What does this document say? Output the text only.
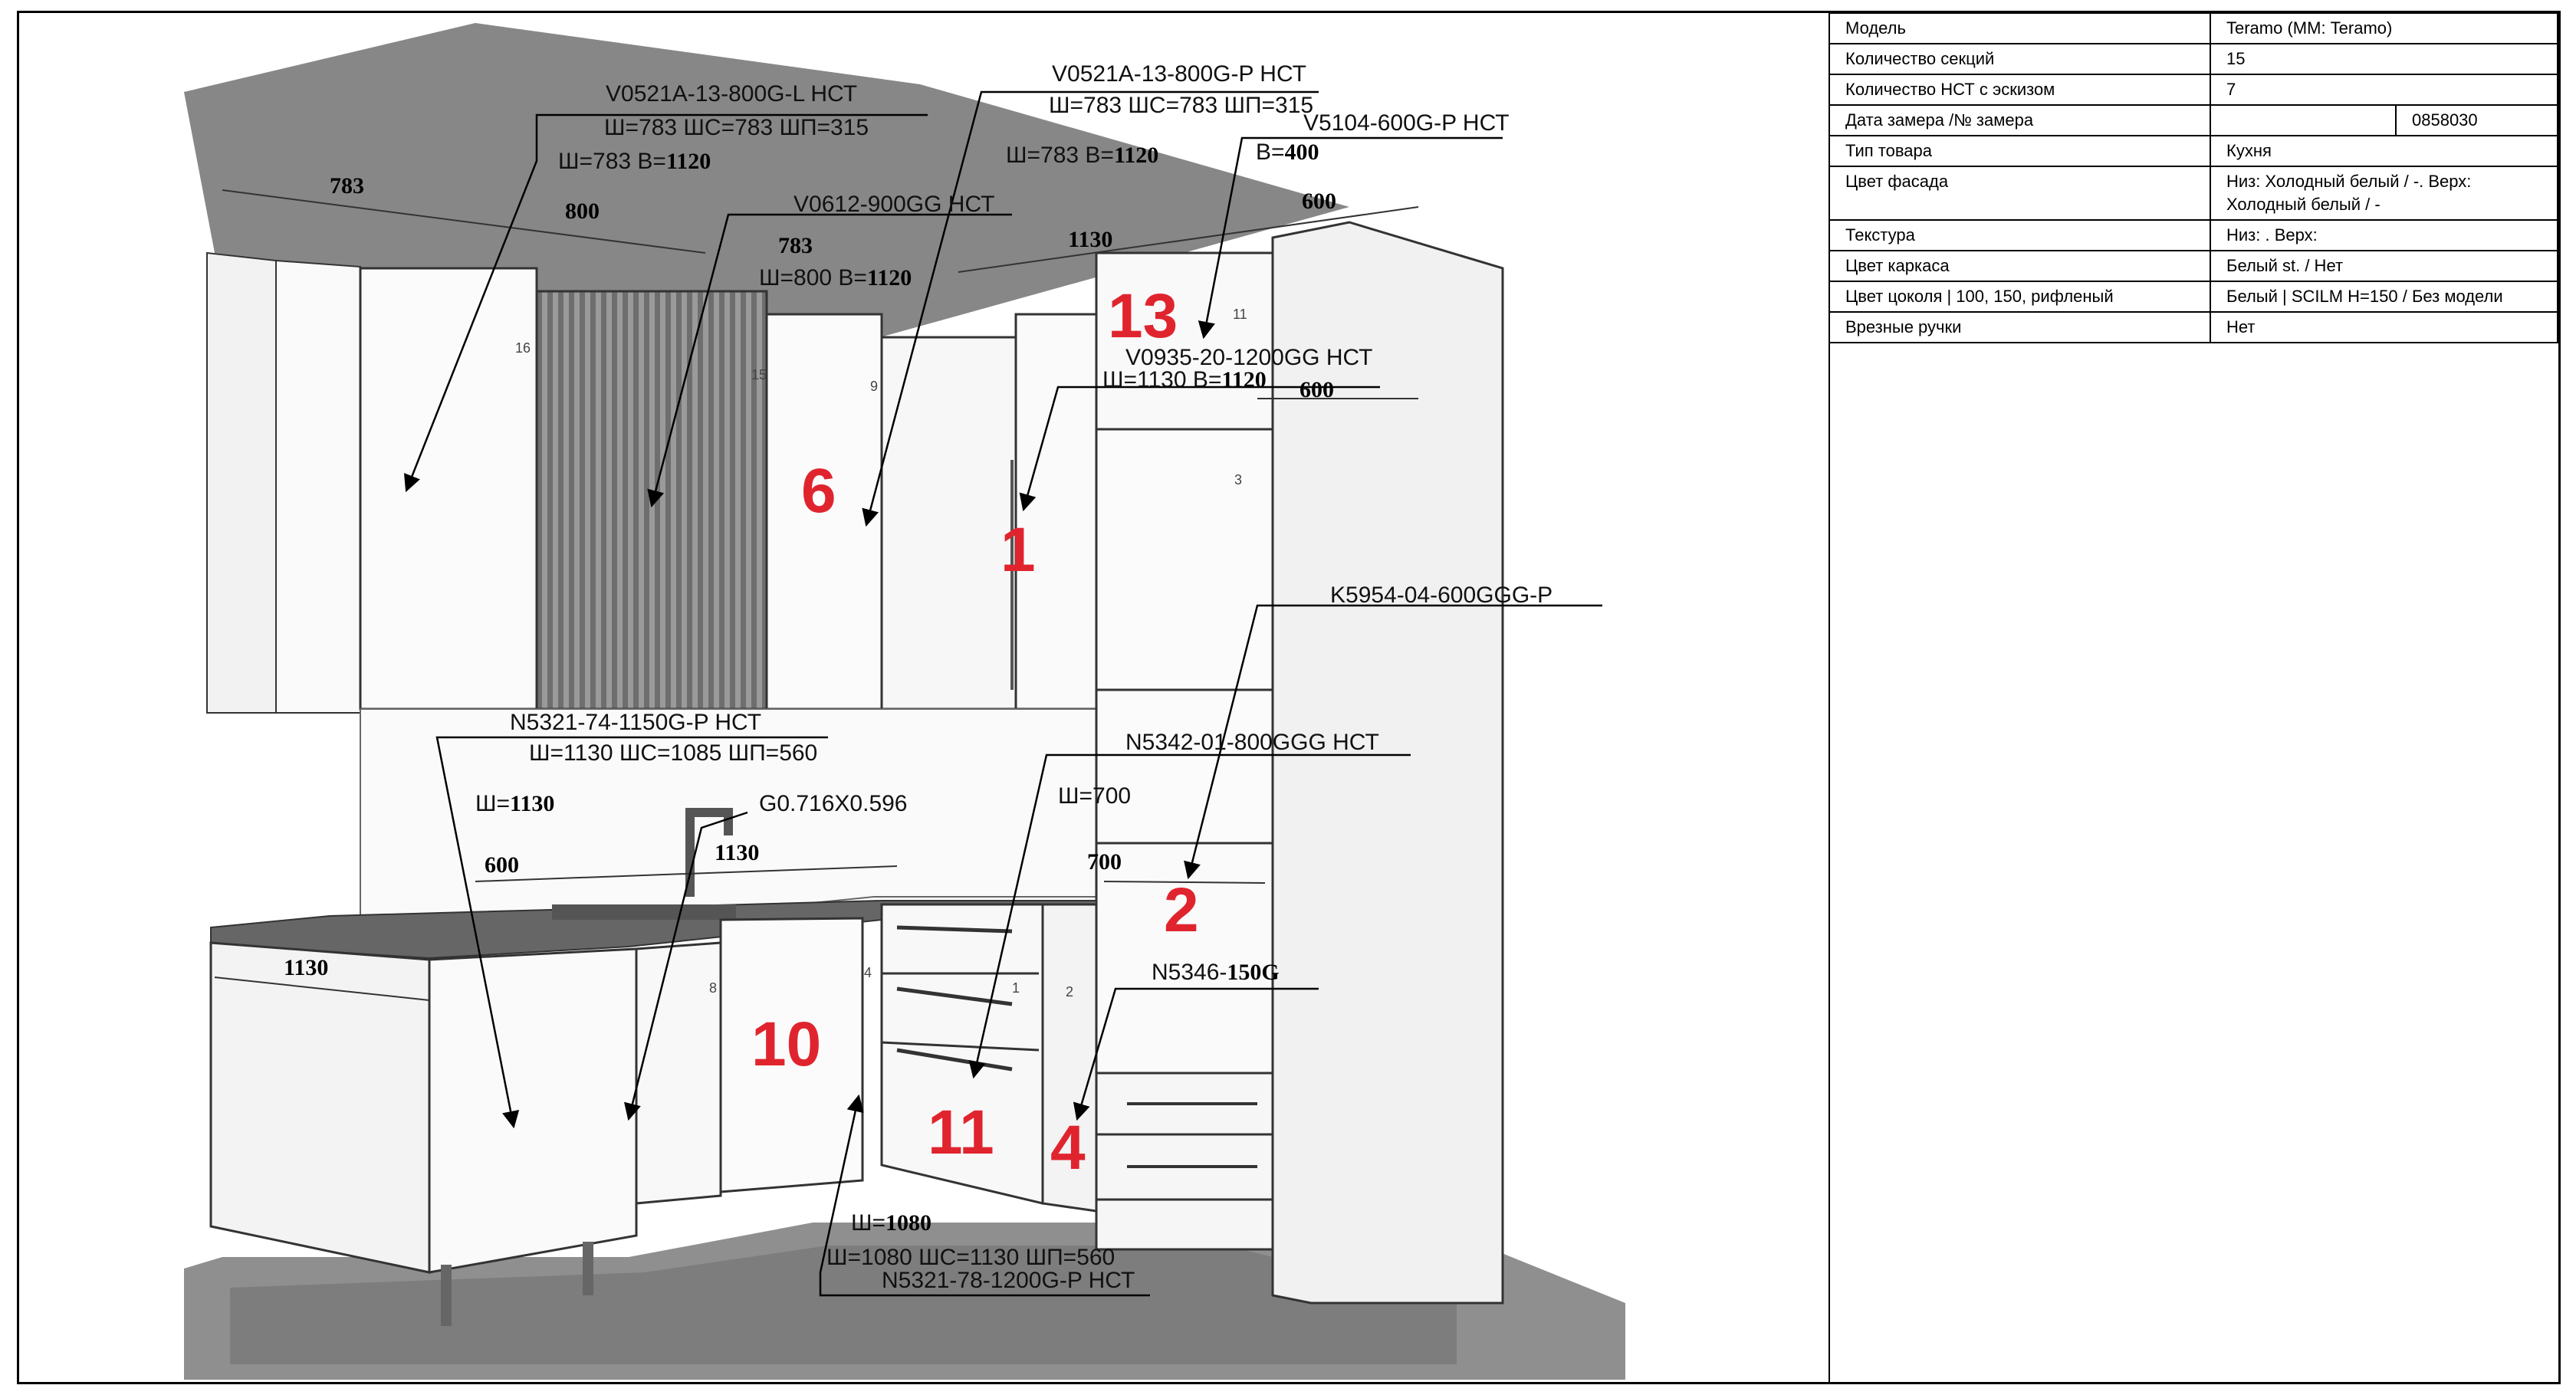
16
15
9
11
3
8
4
1	2
V0521A-13-800G-L НСТ
Ш=783 ШС=783 ШП=315
Ш=783 В=1120
V0521A-13-800G-P НСТ
Ш=783 ШС=783 ШП=315
Ш=783 В=1120
V5104-600G-P НСТ
В=400
V0612-900GG НСТ
Ш=800 В=1120
V0935-20-1200GG НСТ
Ш=1130 В=1120
K5954-04-600GGG-P
N5321-74-1150G-P НСТ
Ш=1130 ШС=1085 ШП=560
Ш=1130	G0.716X0.596
N5342-01-800GGG НСТ
Ш=700
N5346-150G
Ш=1080
Ш=1080 ШС=1130 ШП=560
N5321-78-1200G-P НСТ
783
800
783	1130
600
600
600	1130	700
1130
13
6
1
2
10
11 4
Модель	Teramo (ММ: Teramo)	
Количество секций	15	
Количество НСТ с эскизом	7	
Дата замера /№ замера		0858030
Тип товара	Кухня	
Цвет фасада	Низ: Холодный белый / -. Верх: Холодный белый / -	
Текстура	Низ: . Верх:	
Цвет каркаса	Белый st. / Нет	
Цвет цоколя | 100, 150, рифленый	Белый | SCILM H=150 / Без модели	
Врезные ручки	Нет	
